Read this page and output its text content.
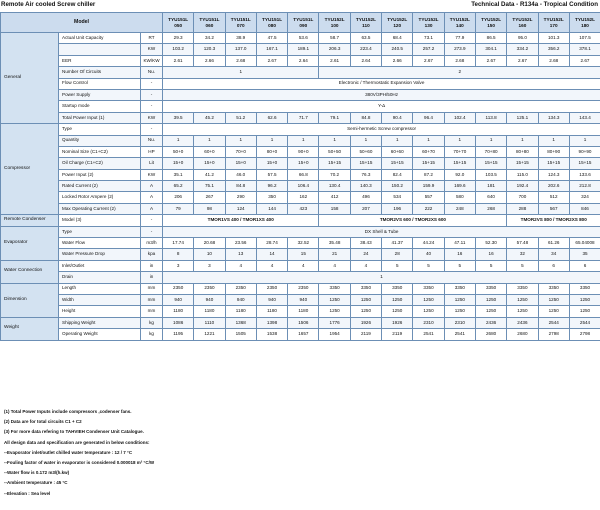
Remote Air cooled Screw chiller	Technical Data - R134a - Tropical Condition
Model			TYU151L 050	TYU151L 060	TYU151L 070	TYU151L 080	TYU151L 090	TYU152L 100	TYU152L 110	TYU152L 120	TYU152L 130	TYU152L 140	TYU152L 150	TYU152L 160	TYU152L 170	TYU152L 180
General	Actual Unit Capacity	RT	29.3	34.2	38.9	47.5	53.6	58.7	63.5	68.4	73.1	77.9	86.5	95.0	101.3	107.5
		KW	103.2	120.3	137.0	167.1	189.1	206.3	223.4	240.5	257.2	273.9	304.1	334.2	356.2	378.1
	EER	KW/KW	2.61	2.66	2.68	2.67	2.64	2.61	2.64	2.66	2.67	2.68	2.67	2.67	2.68	2.67
	Number Of Circuits	Nu.	1					2								
	Flow Control	-	Electronic / Thermostatic Expansion Valve													
	Power Supply	-	380V/3PH/50Hz													
	Startup mode	-	Y-Δ													
	Total Power Input (1)	KW	39.5	45.2	51.2	62.6	71.7	79.1	84.8	90.4	96.4	102.4	113.8	125.1	134.3	143.4
Compressor	Type	-	Semi-hermetic Screw compressor													
	Quantity	Nu.	1	1	1	1	1	1	1	1	1	1	1	1	1	1
	Nominal Size (C1+C2)	HP	50+0	60+0	70+0	80+0	90+0	50+50	50+60	60+60	60+70	70+70	70+80	80+80	80+90	90+90
	Oil Charge (C1+C2)	Lit	15+0	15+0	15+0	15+0	15+0	15+15	15+15	15+15	15+15	15+15	15+15	15+15	15+15	15+15
	Power Input (2)	KW	35.1	41.2	46.0	57.5	66.8	70.2	76.3	82.4	87.2	92.0	103.5	115.0	124.3	133.6
	Rated Current (2)	A	65.2	75.1	84.8	96.2	106.4	130.4	140.3	150.2	159.9	169.6	181	192.4	202.6	212.8
	Locked Rotor Ampere (2)	A	206	267	290	350	162	412	496	534	557	580	640	700	512	324
	Max Operating Current (2)	A	79	98	124	144	423	158	207	196	222	248	268	288	567	846
Remote Condenser	Model (3)	-	TMOR1VS 400 / TMOR1XS 400					TMOR2VS 600 / TMOR2XS 600						TMOR2VS 800 / TMOR2XS 800		
Evaporator	Type	-	DX Shell & Tube													
	Water Flow	m3/h	17.74	20.68	23.56	28.74	32.52	35.48	38.43	41.37	44.24	47.11	52.30	57.48	61.26	65.04008
	Water Pressure Drop	kpa	8	10	13	14	15	21	24	28	40	16	16	32	34	35
Water Connection	Inlet/Outlet	in	3	3	4	4	4	4	4	5	5	5	5	5	6	6
	Drain	in	1													
Dimension	Length	mm	2350	2350	2350	2350	2350	3350	3350	3350	3350	3350	3350	3350	3350	3350
	Width	mm	940	940	940	940	940	1250	1250	1250	1250	1250	1250	1250	1250	1250
	Height	mm	1180	1180	1180	1180	1180	1250	1250	1250	1250	1250	1250	1250	1250	1250
Weight	Shipping Weight	kg	1086	1110	1368	1398	1506	1776	1926	1926	2310	2310	2436	2436	2544	2544
	Operating Weight	kg	1195	1221	1505	1538	1657	1954	2119	2119	2541	2541	2680	2680	2798	2798
(1) Total Power Inputs include compressors ,codenser fans.
(2) Data are for total circuits C1 + C2
(3) For more data refering to TAHVIEH Condenser Unit Catalogue.
All design data and specification are generated in below conditions:
--Evaporator inlet/outlet chilled water temperature : 12 / 7 °C
--Fouling factor of water in evaporator is considered 0.000018 m² °C/W
--Water flow is 0.172 m3/(h.kw)
--Ambient temperature : 45 °C
--Elevation : Sea level
